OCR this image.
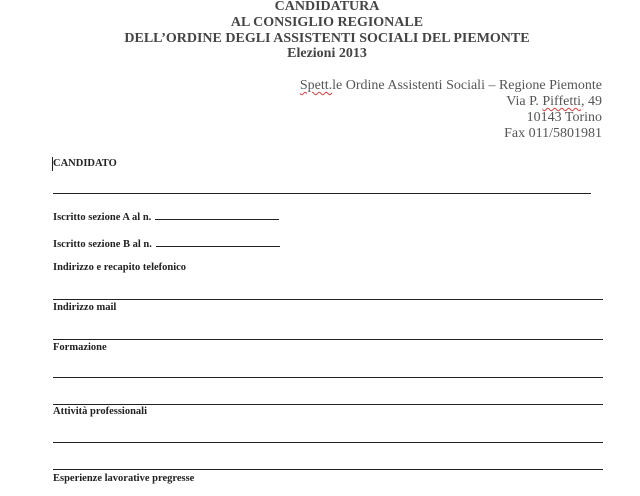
CANDIDATURA
AL CONSIGLIO REGIONALE
DELL’ORDINE DEGLI ASSISTENTI SOCIALI DEL PIEMONTE
Elezioni 2013
Spett.le Ordine Assistenti Sociali – Regione Piemonte
Via P. Piffetti, 49
10143 Torino
Fax 011/5801981
CANDIDATO
Iscritto sezione A al n.
Iscritto sezione B al n.
Indirizzo e recapito telefonico
Indirizzo mail
Formazione
Attività professionali
Esperienze lavorative pregresse
